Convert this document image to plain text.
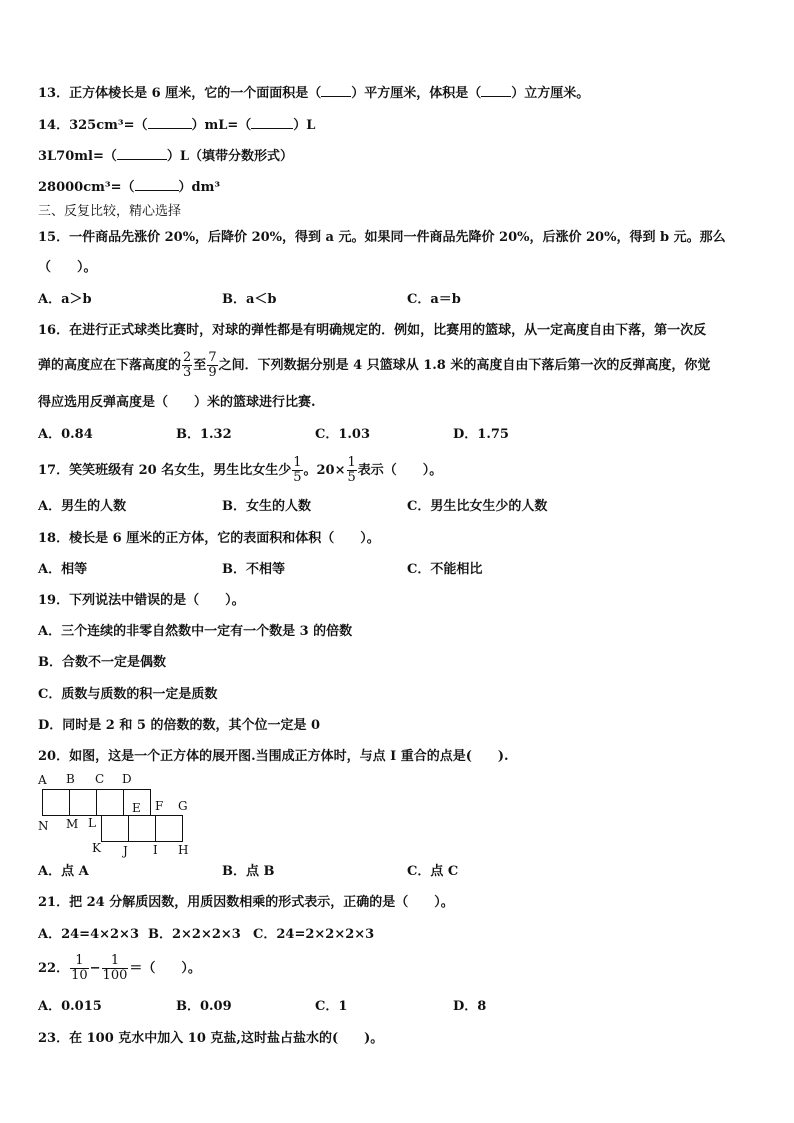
13．正方体棱长是 6 厘米，它的一个面面积是（ ）平方厘米，体积是（ ）立方厘米。
14．325cm³=（	）mL=（	）L
3L70ml=（	）L（填带分数形式）
28000cm³=（	）dm³
三、反复比较，精心选择
15．一件商品先涨价 20%，后降价 20%，得到 a 元。如果同一件商品先降价 20%，后涨价 20%，得到 b 元。那么
（　　）。
A．a＞b	B．a＜b	C．a＝b
16．在进行正式球类比赛时，对球的弹性都是有明确规定的．例如，比赛用的篮球，从一定高度自由下落，第一次反
弹的高度应在下落高度的 $\frac{2}{3}$ 至 $\frac{7}{9}$ 之间．下列数据分别是 4 只篮球从 1.8 米的高度自由下落后第一次的反弹高度，你觉
得应选用反弹高度是（　　）米的篮球进行比赛.
A．0.84	B．1.32	C．1.03	D．1.75
17．笑笑班级有 20 名女生，男生比女生少 $\frac{1}{5}$ 。$20\times \frac{1}{5}$ 表示（　　）。
A．男生的人数	B．女生的人数	C．男生比女生少的人数
18．棱长是 6 厘米的正方体，它的表面积和体积（　　）。
A．相等	B．不相等	C．不能相比
19．下列说法中错误的是（　　）。
A．三个连续的非零自然数中一定有一个数是 3 的倍数
B．合数不一定是偶数
C．质数与质数的积一定是质数
D．同时是 2 和 5 的倍数的数，其个位一定是 0
20．如图，这是一个正方体的展开图.当围成正方体时，与点 I 重合的点是(　　).
A B C D
E F G
N M L
K J I H
A．点 A	B．点 B	C．点 C
21．把 24 分解质因数，用质因数相乘的形式表示，正确的是（　　）。
A．24=4×2×3 B．2×2×2×3 C．24=2×2×2×3
22． $\frac{1}{10} - \frac{1}{100}$ ＝（　　）。
A．0.015	B．0.09	C．1	D．8
23．在 100 克水中加入 10 克盐,这时盐占盐水的(　　)。
